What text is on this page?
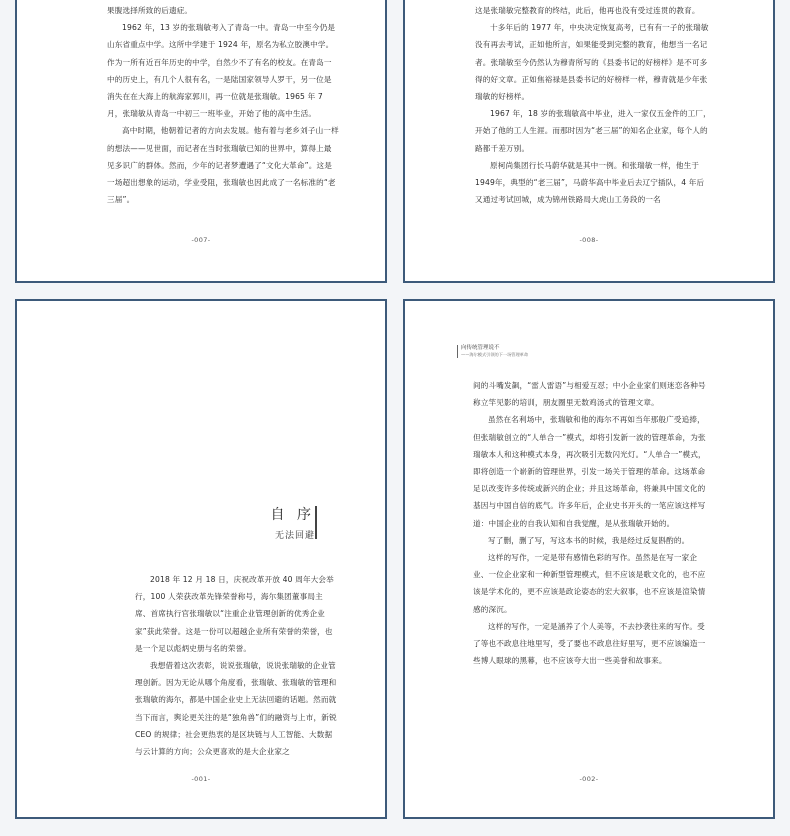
果腹选择所致的后遗症。

1962 年，13 岁的张瑞敏考入了青岛一中。青岛一中至今仍是山东省重点中学。这所中学建于 1924 年，原名为私立胶澳中学。作为一所有近百年历史的中学，自然少不了有名的校友。在青岛一中的历史上，有几个人很有名，一是陆国家领导人罗干，另一位是消失在在大海上的航海家郭川，再一位就是张瑞敏。1965 年 7 月，张瑞敏从青岛一中初三一班毕业，开始了他的高中生活。

高中时期，他朝着记者的方向去发展。他有着与老乡刘子山一样的想法——见世面，而记者在当时张瑞敏已知的世界中，算得上最见多识广的群体。然而，少年的记者梦遭遇了“文化大革命”。这是一场超出想象的运动，学业受阻，张瑞敏也因此成了一名标准的“老三届”。

-007-

这是张瑞敏完整教育的终结，此后，他再也没有受过连贯的教育。

十多年后的 1977 年，中央决定恢复高考，已有有一子的张瑞敏没有再去考试，正如他所言，如果能受到完整的教育，他想当一名记者。张瑞敏至今仍然认为穆青所写的《县委书记的好榜样》是不可多得的好文章。正如焦裕禄是县委书记的好榜样一样，穆青就是少年张瑞敏的好榜样。

1967 年，18 岁的张瑞敏高中毕业，进入一家仅五金件的工厂，开始了他的工人生涯。而那时因为“老三届”的知名企业家，每个人的路都千差万别。

原柯尚集团行长马蔚华就是其中一例。和张瑞敏一样，他生于1949年，典型的“老三届”，马蔚华高中毕业后去辽宁插队，4 年后又通过考试回城，成为锦州铁路局大虎山工务段的一名

-008-
自 序
无法回避

2018 年 12 月 18 日，庆祝改革开放 40 周年大会举行，100 人荣获改革先锋荣誉称号，海尔集团董事局主席、首席执行官张瑞敏以“注重企业管理创新的优秀企业家”获此荣誉。这是一份可以超越企业所有荣誉的荣誉，也是一个足以彪炳史册与名的荣誉。

我想借着这次表彰，说说张瑞敏，说说张瑞敏的企业管理创新。因为无论从哪个角度看，张瑞敏、张瑞敏的管理和张瑞敏的海尔，都是中国企业史上无法回避的话题。然而就当下而言，舆论更关注的是“独角兽”们的融资与上市，新锐 CEO 的规律；社会更热衷的是区块链与人工智能、大数据与云计算的方向；公众更喜欢的是大企业家之

-001-
向传统管理说不
——海尔模式引领的下一场管理革命

间的斗嘴发飙，“雷人雷语”与相爱互怼；中小企业家们则迷恋各种号称立竿见影的培训，朋友圈里无数鸡汤式的管理文章。

虽然在名利场中，张瑞敏和他的海尔不再如当年那般广受追捧，但张瑞敏创立的“人单合一”模式，却将引发新一波的管理革命，为张瑞敏本人和这种模式本身，再次吸引无数闪光灯。“人单合一”模式，即将创造一个崭新的管理世界，引发一场关于管理的革命。这场革命足以改变许多传统或新兴的企业；并且这场革命，将兼具中国文化的基因与中国自信的底气。许多年后，企业史书开头的一笔应该这样写道：中国企业的自我认知和自我觉醒，是从张瑞敏开始的。

写了删，删了写，写这本书的时候，我是经过反复斟酌的。

这样的写作，一定是带有感情色彩的写作。虽然是在写一家企业、一位企业家和一种新型管理模式，但不应该是歌文化的，也不应该是学术化的，更不应该是政论姿态的宏大叙事，也不应该是渲染情感的深沉。

这样的写作，一定是涵养了个人美等，不去抄袭往来的写作。受了等也不政息往地里写，受了要也不政息往好里写，更不应该编造一些博人眼球的黑幕，也不应该夸大出一些美誉和故事来。

-002-
